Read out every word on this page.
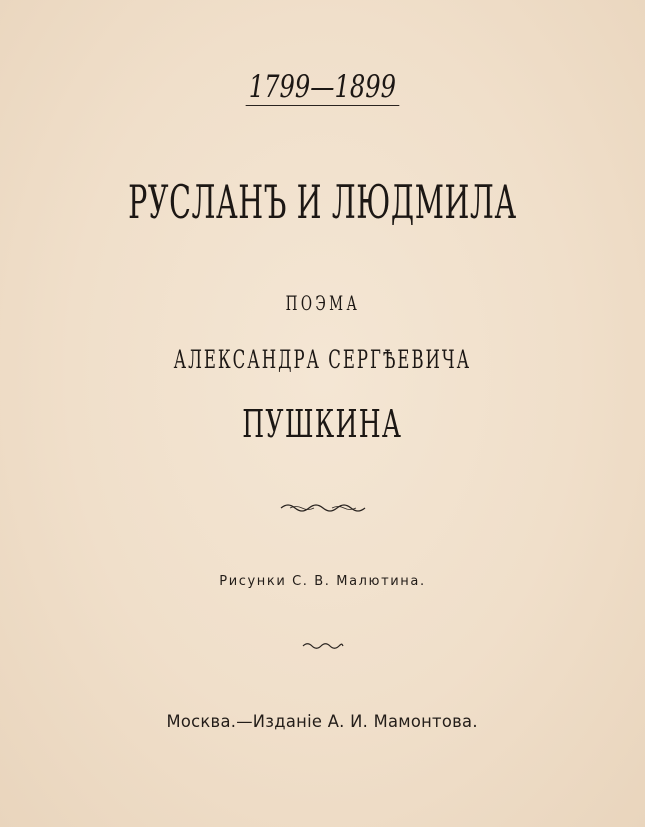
1799—1899
РУСЛАНЪ И ЛЮДМИЛА
ПОЭМА
АЛЕКСАНДРА СЕРГѢЕВИЧА
ПУШКИНА
Рисунки С. В. Малютина.
Москва.—Изданіе А. И. Мамонтова.
